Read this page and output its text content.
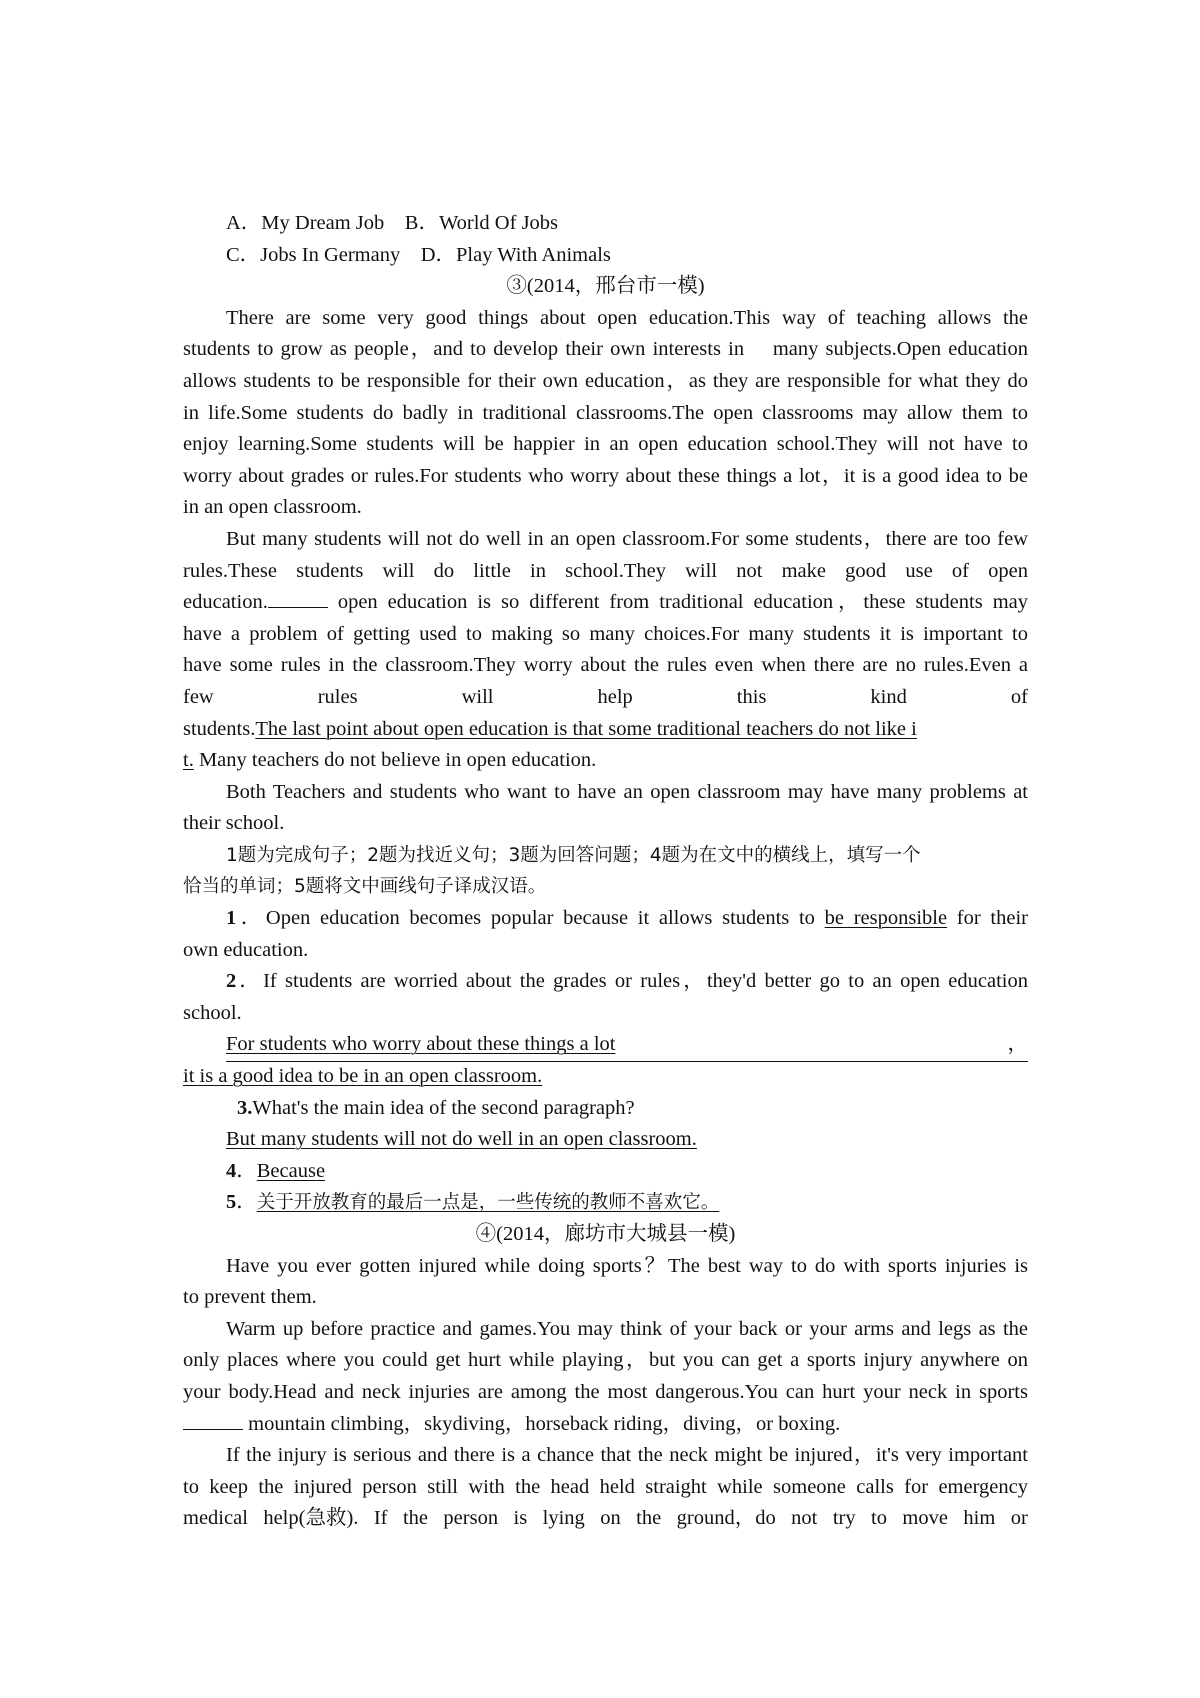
A．My Dream Job    B．World Of Jobs
C．Jobs In Germany    D．Play With Animals
③(2014，邢台市一模)
There are some very good things about open education.This way of teaching allows the
students to grow as people，and to develop their own interests in    many subjects.Open education
allows students to be responsible for their own education，as they are responsible for what they do
in life.Some students do badly in traditional classrooms.The open classrooms may allow them to
enjoy learning.Some students will be happier in an open education school.They will not have to
worry about grades or rules.For students who worry about these things a lot，it is a good idea to be
in an open classroom.
But many students will not do well in an open classroom.For some students，there are too few
rules.These students will do little in school.They will not make good use of open
education.	open education is so different from traditional education，these students may
have a problem of getting used to making so many choices.For many students it is important to
have some rules in the classroom.They worry about the rules even when there are no rules.Even a
few	rules	will	help	this	kind	of
students.The last point about open education is that some traditional teachers do not like i
t. Many teachers do not believe in open education.
Both Teachers and students who want to have an open classroom may have many problems at
their school.
1题为完成句子；2题为找近义句；3题为回答问题；4题为在文中的横线上，填写一个
恰当的单词；5题将文中画线句子译成汉语。
1．Open education becomes popular because it allows students to be responsible for their
own education.
2．If students are worried about the grades or rules，they'd better go to an open education
school.
For students who worry about these things a lot	，
it is a good idea to be in an open classroom.
3.What's the main idea of the second paragraph?
But many students will not do well in an open classroom.
4．Because
5．关于开放教育的最后一点是，一些传统的教师不喜欢它。
④(2014，廊坊市大城县一模)
Have you ever gotten injured while doing sports？The best way to do with sports injuries is
to prevent them.
Warm up before practice and games.You may think of your back or your arms and legs as the
only places where you could get hurt while playing，but you can get a sports injury anywhere on
your body.Head and neck injuries are among the most dangerous.You can hurt your neck in sports
mountain climbing，skydiving，horseback riding，diving，or boxing.
If the injury is serious and there is a chance that the neck might be injured，it's very important
to keep the injured person still with the head held straight while someone calls for emergency
medical help(急救). If the person is lying on the ground，do not try to move him or
